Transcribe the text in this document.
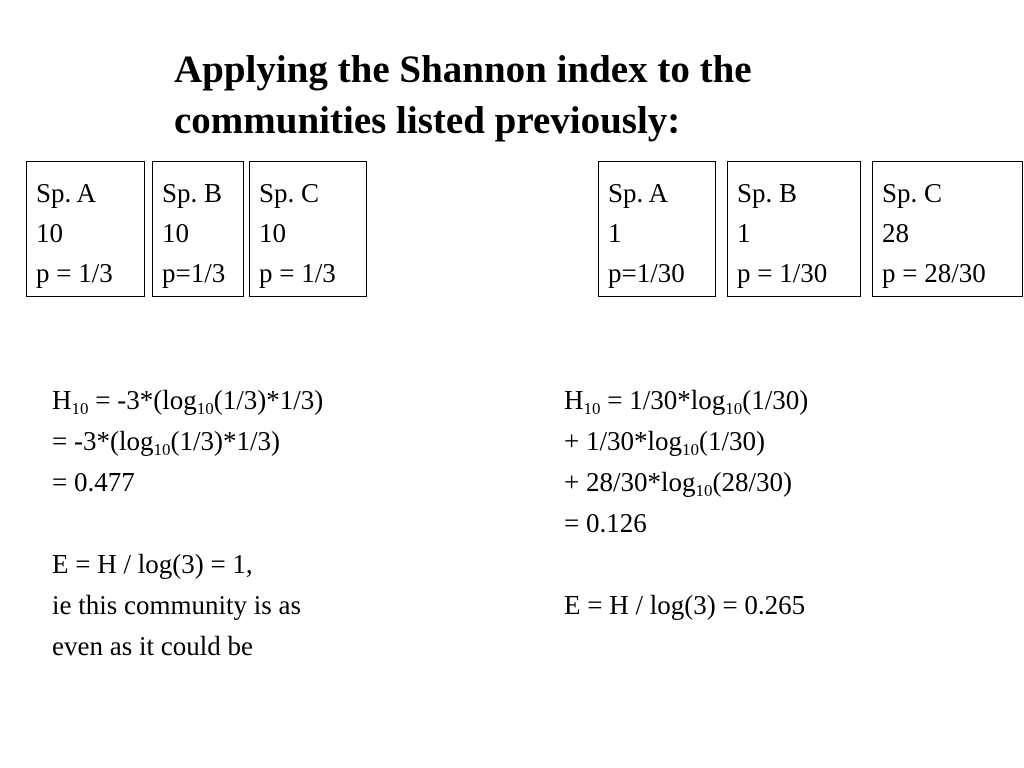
Applying the Shannon index to the
communities listed previously:
Sp. A
10
p = 1/3
Sp. B
10
p=1/3
Sp. C
10
p = 1/3
Sp. A
1
p=1/30
Sp. B
1
p = 1/30
Sp. C
28
p = 28/30
$H_{10} = -3*(\log_{10}(1/3)*1/3)$
= $-3*(\log_{10}(1/3)*1/3)$
= 0.477
E = H / log(3) = 1,
ie this community is as
even as it could be
$H_{10} = 1/30*\log_{10}(1/30)$
+ $1/30*\log_{10}(1/30)$
+ $28/30*\log_{10}(28/30)$
= 0.126
E = H / log(3) = 0.265
